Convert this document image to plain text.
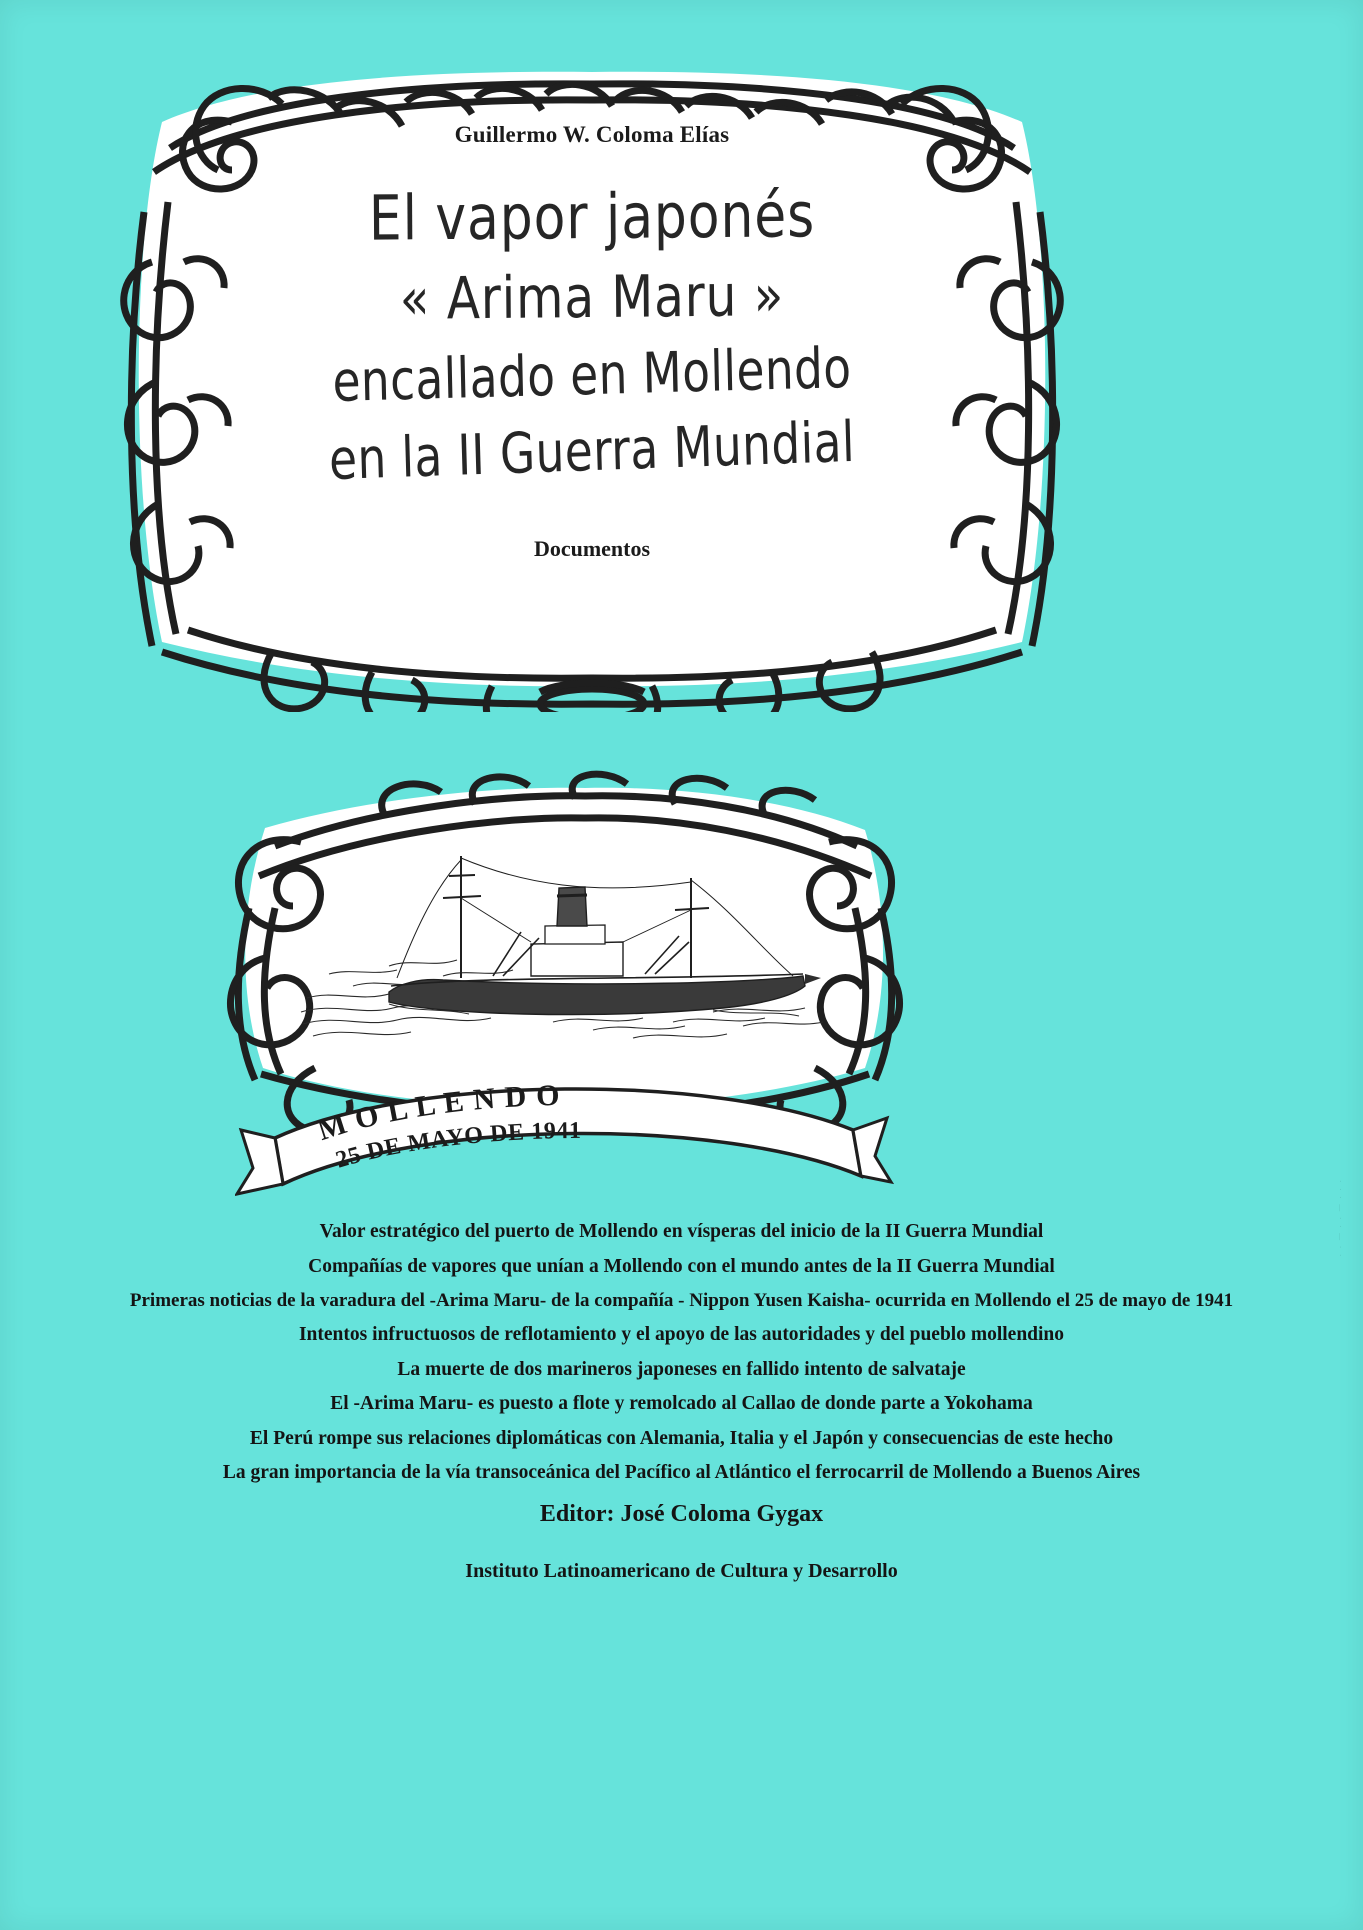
Guillermo W. Coloma Elías
El vapor japonés
« Arima Maru »
encallado en Mollendo
en la II Guerra Mundial
Documentos
M O L L E N D O
25 DE MAYO DE 1941
Valor estratégico del puerto de Mollendo en vísperas del inicio de la II Guerra Mundial
Compañías de vapores que unían a Mollendo con el mundo antes de la II Guerra Mundial
Primeras noticias de la varadura del -Arima Maru- de la compañía - Nippon Yusen Kaisha- ocurrida en Mollendo el 25 de mayo de 1941
Intentos infructuosos de reflotamiento y el apoyo de las autoridades y del pueblo mollendino
La muerte de dos marineros japoneses en fallido intento de salvataje
El -Arima Maru- es puesto a flote y remolcado al Callao de donde parte a Yokohama
El Perú rompe sus relaciones diplomáticas con Alemania, Italia y el Japón y consecuencias de este hecho
La gran importancia de la vía transoceánica del Pacífico al Atlántico el ferrocarril de Mollendo a Buenos Aires
Editor: José Coloma Gygax
Instituto Latinoamericano de Cultura y Desarrollo
· · · — · · — · ·
